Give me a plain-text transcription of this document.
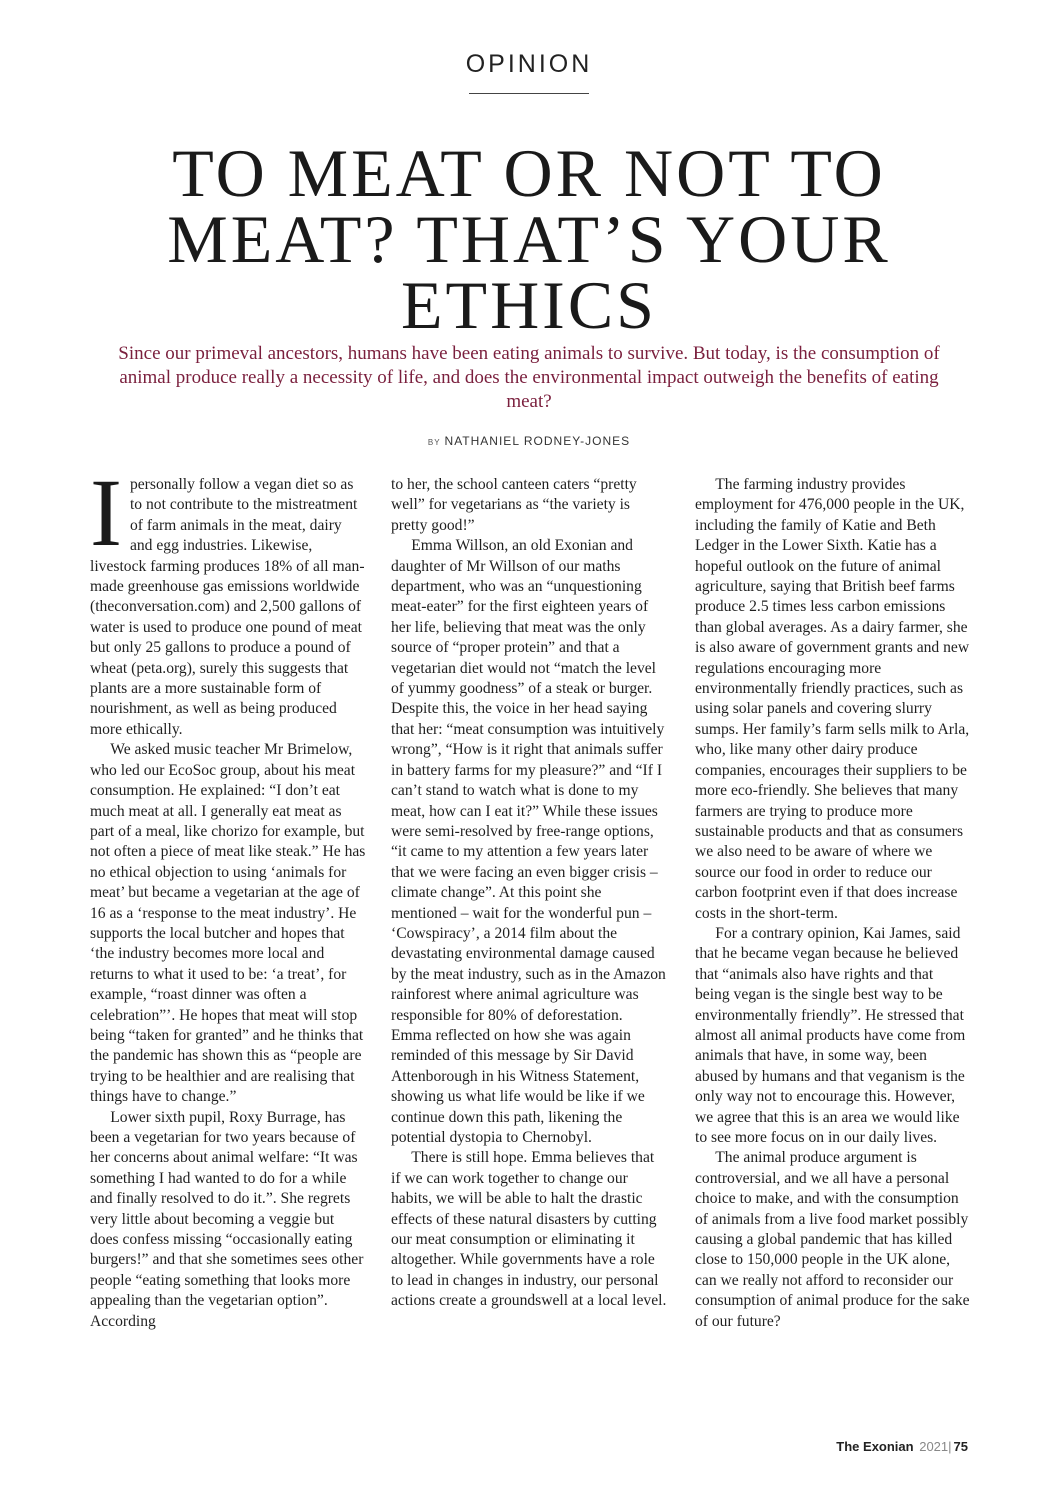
OPINION
TO MEAT OR NOT TO MEAT? THAT’S YOUR ETHICS

Since our primeval ancestors, humans have been eating animals to survive. But today, is the consumption of animal produce really a necessity of life, and does the environmental impact outweigh the benefits of eating meat?

BY NATHANIEL RODNEY-JONES

Ipersonally follow a vegan diet so as to not contribute to the mistreatment of farm animals in the meat, dairy and egg industries. Likewise, livestock farming produces 18% of all man-made greenhouse gas emissions worldwide (theconversation.com) and 2,500 gallons of water is used to produce one pound of meat but only 25 gallons to produce a pound of wheat (peta.org), surely this suggests that plants are a more sustainable form of nourishment, as well as being produced more ethically.

We asked music teacher Mr Brimelow, who led our EcoSoc group, about his meat consumption. He explained: “I don’t eat much meat at all. I generally eat meat as part of a meal, like chorizo for example, but not often a piece of meat like steak.” He has no ethical objection to using ‘animals for meat’ but became a vegetarian at the age of 16 as a ‘response to the meat industry’. He supports the local butcher and hopes that ‘the industry becomes more local and returns to what it used to be: ‘a treat’, for example, “roast dinner was often a celebration”’. He hopes that meat will stop being “taken for granted” and he thinks that the pandemic has shown this as “people are trying to be healthier and are realising that things have to change.”

Lower sixth pupil, Roxy Burrage, has been a vegetarian for two years because of her concerns about animal welfare: “It was something I had wanted to do for a while and finally resolved to do it.”. She regrets very little about becoming a veggie but does confess missing “occasionally eating burgers!” and that she sometimes sees other people “eating something that looks more appealing than the vegetarian option”. According

to her, the school canteen caters “pretty well” for vegetarians as “the variety is pretty good!”

Emma Willson, an old Exonian and daughter of Mr Willson of our maths department, who was an “unquestioning meat-eater” for the first eighteen years of her life, believing that meat was the only source of “proper protein” and that a vegetarian diet would not “match the level of yummy goodness” of a steak or burger. Despite this, the voice in her head saying that her: “meat consumption was intuitively wrong”, “How is it right that animals suffer in battery farms for my pleasure?” and “If I can’t stand to watch what is done to my meat, how can I eat it?” While these issues were semi-resolved by free-range options, “it came to my attention a few years later that we were facing an even bigger crisis – climate change”. At this point she mentioned – wait for the wonderful pun – ‘Cowspiracy’, a 2014 film about the devastating environmental damage caused by the meat industry, such as in the Amazon rainforest where animal agriculture was responsible for 80% of deforestation. Emma reflected on how she was again reminded of this message by Sir David Attenborough in his Witness Statement, showing us what life would be like if we continue down this path, likening the potential dystopia to Chernobyl.

There is still hope. Emma believes that if we can work together to change our habits, we will be able to halt the drastic effects of these natural disasters by cutting our meat consumption or eliminating it altogether. While governments have a role to lead in changes in industry, our personal actions create a groundswell at a local level.

The farming industry provides employment for 476,000 people in the UK, including the family of Katie and Beth Ledger in the Lower Sixth. Katie has a hopeful outlook on the future of animal agriculture, saying that British beef farms produce 2.5 times less carbon emissions than global averages. As a dairy farmer, she is also aware of government grants and new regulations encouraging more environmentally friendly practices, such as using solar panels and covering slurry sumps. Her family’s farm sells milk to Arla, who, like many other dairy produce companies, encourages their suppliers to be more eco-friendly. She believes that many farmers are trying to produce more sustainable products and that as consumers we also need to be aware of where we source our food in order to reduce our carbon footprint even if that does increase costs in the short-term.

For a contrary opinion, Kai James, said that he became vegan because he believed that “animals also have rights and that being vegan is the single best way to be environmentally friendly”. He stressed that almost all animal products have come from animals that have, in some way, been abused by humans and that veganism is the only way not to encourage this. However, we agree that this is an area we would like to see more focus on in our daily lives.

The animal produce argument is controversial, and we all have a personal choice to make, and with the consumption of animals from a live food market possibly causing a global pandemic that has killed close to 150,000 people in the UK alone, can we really not afford to reconsider our consumption of animal produce for the sake of our future?

The Exonian 2021| 75
